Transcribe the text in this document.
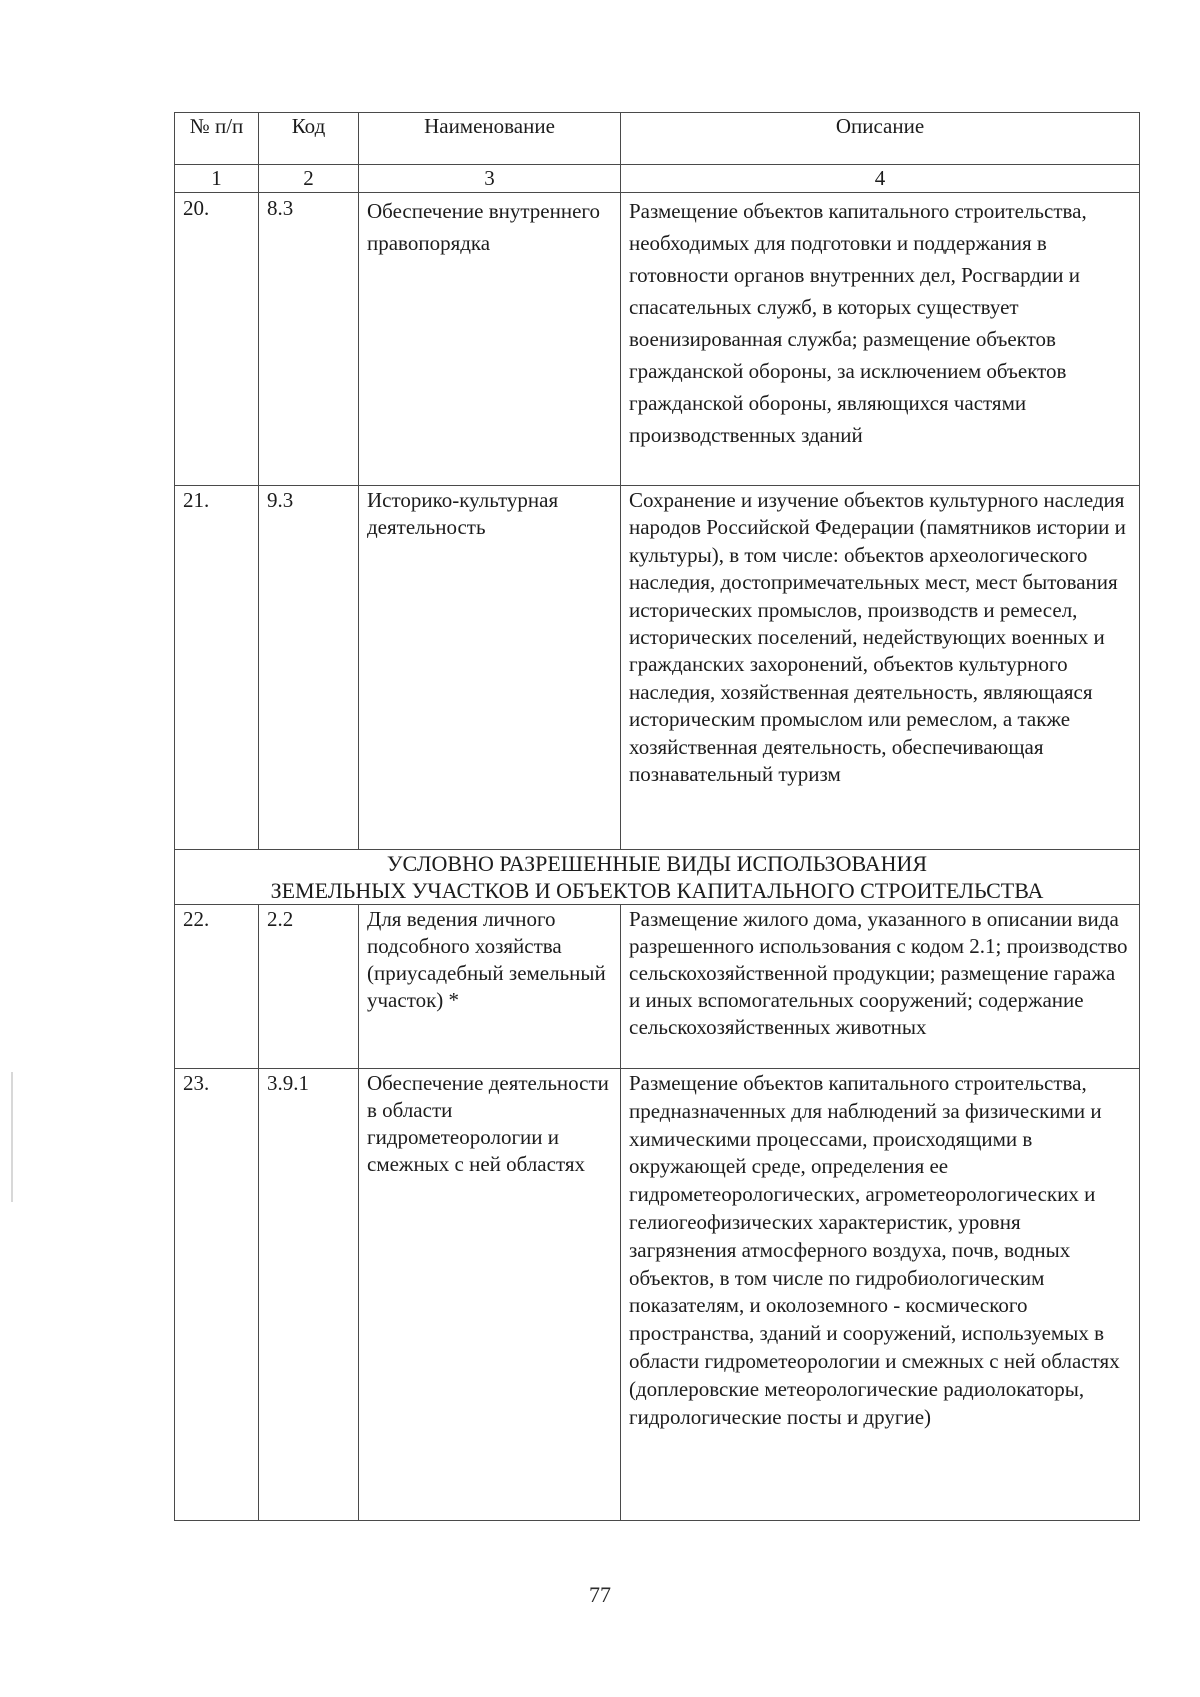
№ п/п	Код	Наименование	Описание
1	2	3	4
20.	8.3	Обеспечение внутреннего правопорядка	Размещение объектов капитального строительства, необходимых для подготовки и поддержания в готовности органов внутренних дел, Росгвардии и спасательных служб, в которых существует военизированная служба; размещение объектов гражданской обороны, за исключением объектов гражданской обороны, являющихся частями производственных зданий
21.	9.3	Историко-культурная деятельность	Сохранение и изучение объектов культурного наследия народов Российской Федерации (памятников истории и культуры), в том числе: объектов археологического наследия, достопримечательных мест, мест бытования исторических промыслов, производств и ремесел, исторических поселений, недействующих военных и гражданских захоронений, объектов культурного наследия, хозяйственная деятельность, являющаяся историческим промыслом или ремеслом, а также хозяйственная деятельность, обеспечивающая познавательный туризм

УСЛОВНО РАЗРЕШЕННЫЕ ВИДЫ ИСПОЛЬЗОВАНИЯ
ЗЕМЕЛЬНЫХ УЧАСТКОВ И ОБЪЕКТОВ КАПИТАЛЬНОГО СТРОИТЕЛЬСТВА			

22.	2.2	Для ведения личного подсобного хозяйства (приусадебный земельный участок) *	Размещение жилого дома, указанного в описании вида разрешенного использования с кодом 2.1; производство сельскохозяйственной продукции; размещение гаража и иных вспомогательных сооружений; содержание сельскохозяйственных животных
23.	3.9.1	Обеспечение деятельности в области гидрометеорологии и смежных с ней областях	Размещение объектов капитального строительства, предназначенных для наблюдений за физическими и химическими процессами, происходящими в окружающей среде, определения ее гидрометеорологических, агрометеорологических и гелиогеофизических характеристик, уровня загрязнения атмосферного воздуха, почв, водных объектов, в том числе по гидробиологическим показателям, и околоземного - космического пространства, зданий и сооружений, используемых в области гидрометеорологии и смежных с ней областях (доплеровские метеорологические радиолокаторы, гидрологические посты и другие)
77
